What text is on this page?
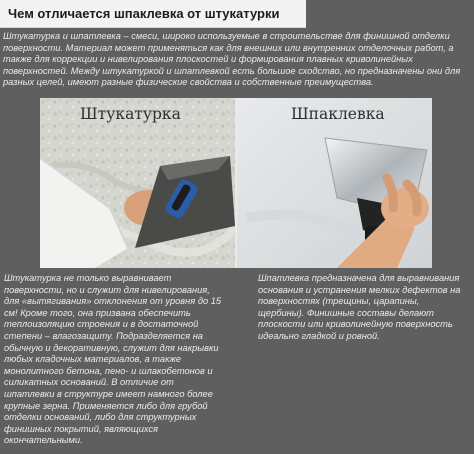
Чем отличается шпаклевка от штукатурки
Штукатурка и шпатлевка – смеси, широко используемые в строительстве для финишной отделки поверхности. Материал может применяться как для внешних или внутренних отделочных работ, а также для коррекции и нивелирования плоскостей и формирования плавных криволинейных поверхностей. Между штукатуркой и шпатлевкой есть большое сходство, но предназначены они для разных целей, имеют разные физические свойства и собственные преимущества.
Штукатурка	Шпаклевка
Штукатурка не только выравнивает поверхности, но и служит для нивелирования, для «вытягивания» отклонения от уровня до 15 см! Кроме того, она призвана обеспечить теплоизоляцию строения и в достаточной степени – влагозащиту. Подразделяется на обычную и декоративную, служит для накрывки любых кладочных материалов, а также монолитного бетона, пено- и шлакобетонов и силикатных оснований. В отличие от шпатлевки в структуре имеет намного более крупные зерна. Применяется либо для грубой отделки оснований, либо для структурных финишных покрытий, являющихся окончательными.
Шпатлевка предназначена для выравнивания основания и устранения мелких дефектов на поверхностях (трещины, царапины, щербины). Финишные составы делают плоскости или криволинейную поверхность идеально гладкой и ровной.
